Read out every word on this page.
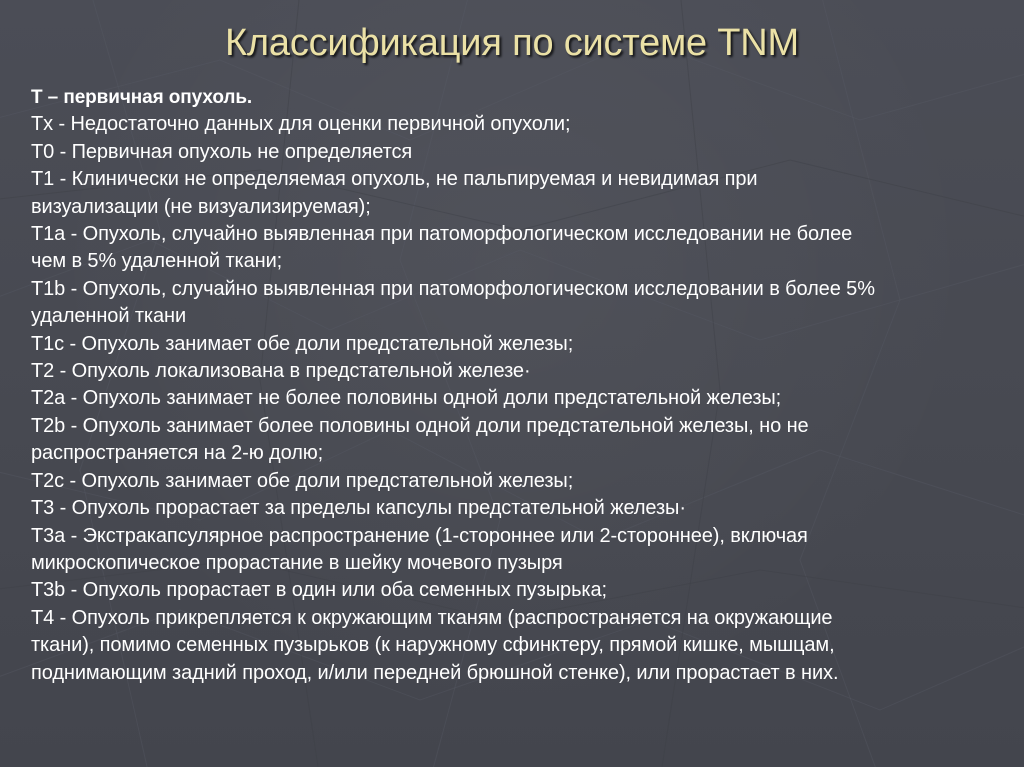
Классификация по системе TNM
T – первичная опухоль.
Tх - Недостаточно данных для оценки первичной опухоли;
T0 - Первичная опухоль не определяется
T1 - Клинически не определяемая опухоль, не пальпируемая и невидимая при
визуализации (не визуализируемая);
T1a - Опухоль, случайно выявленная при патоморфологическом исследовании не более
чем в 5% удаленной ткани;
T1b - Опухоль, случайно выявленная при патоморфологическом исследовании в более 5%
удаленной ткани
T1c - Опухоль занимает обе доли предстательной железы;
T2 - Опухоль локализована в предстательной железе·
T2a - Опухоль занимает не более половины одной доли предстательной железы;
T2b - Опухоль занимает более половины одной доли предстательной железы, но не
распространяется на 2-ю долю;
T2c - Опухоль занимает обе доли предстательной железы;
T3 - Опухоль прорастает за пределы капсулы предстательной железы·
T3a - Экстракапсулярное распространение (1-стороннее или 2-стороннее), включая
микроскопическое прорастание в шейку мочевого пузыря
T3b - Опухоль прорастает в один или оба семенных пузырька;
T4 - Опухоль прикрепляется к окружающим тканям (распространяется на окружающие
ткани), помимо семенных пузырьков (к наружному сфинктеру, прямой кишке, мышцам,
поднимающим задний проход, и/или передней брюшной стенке), или прорастает в них.
